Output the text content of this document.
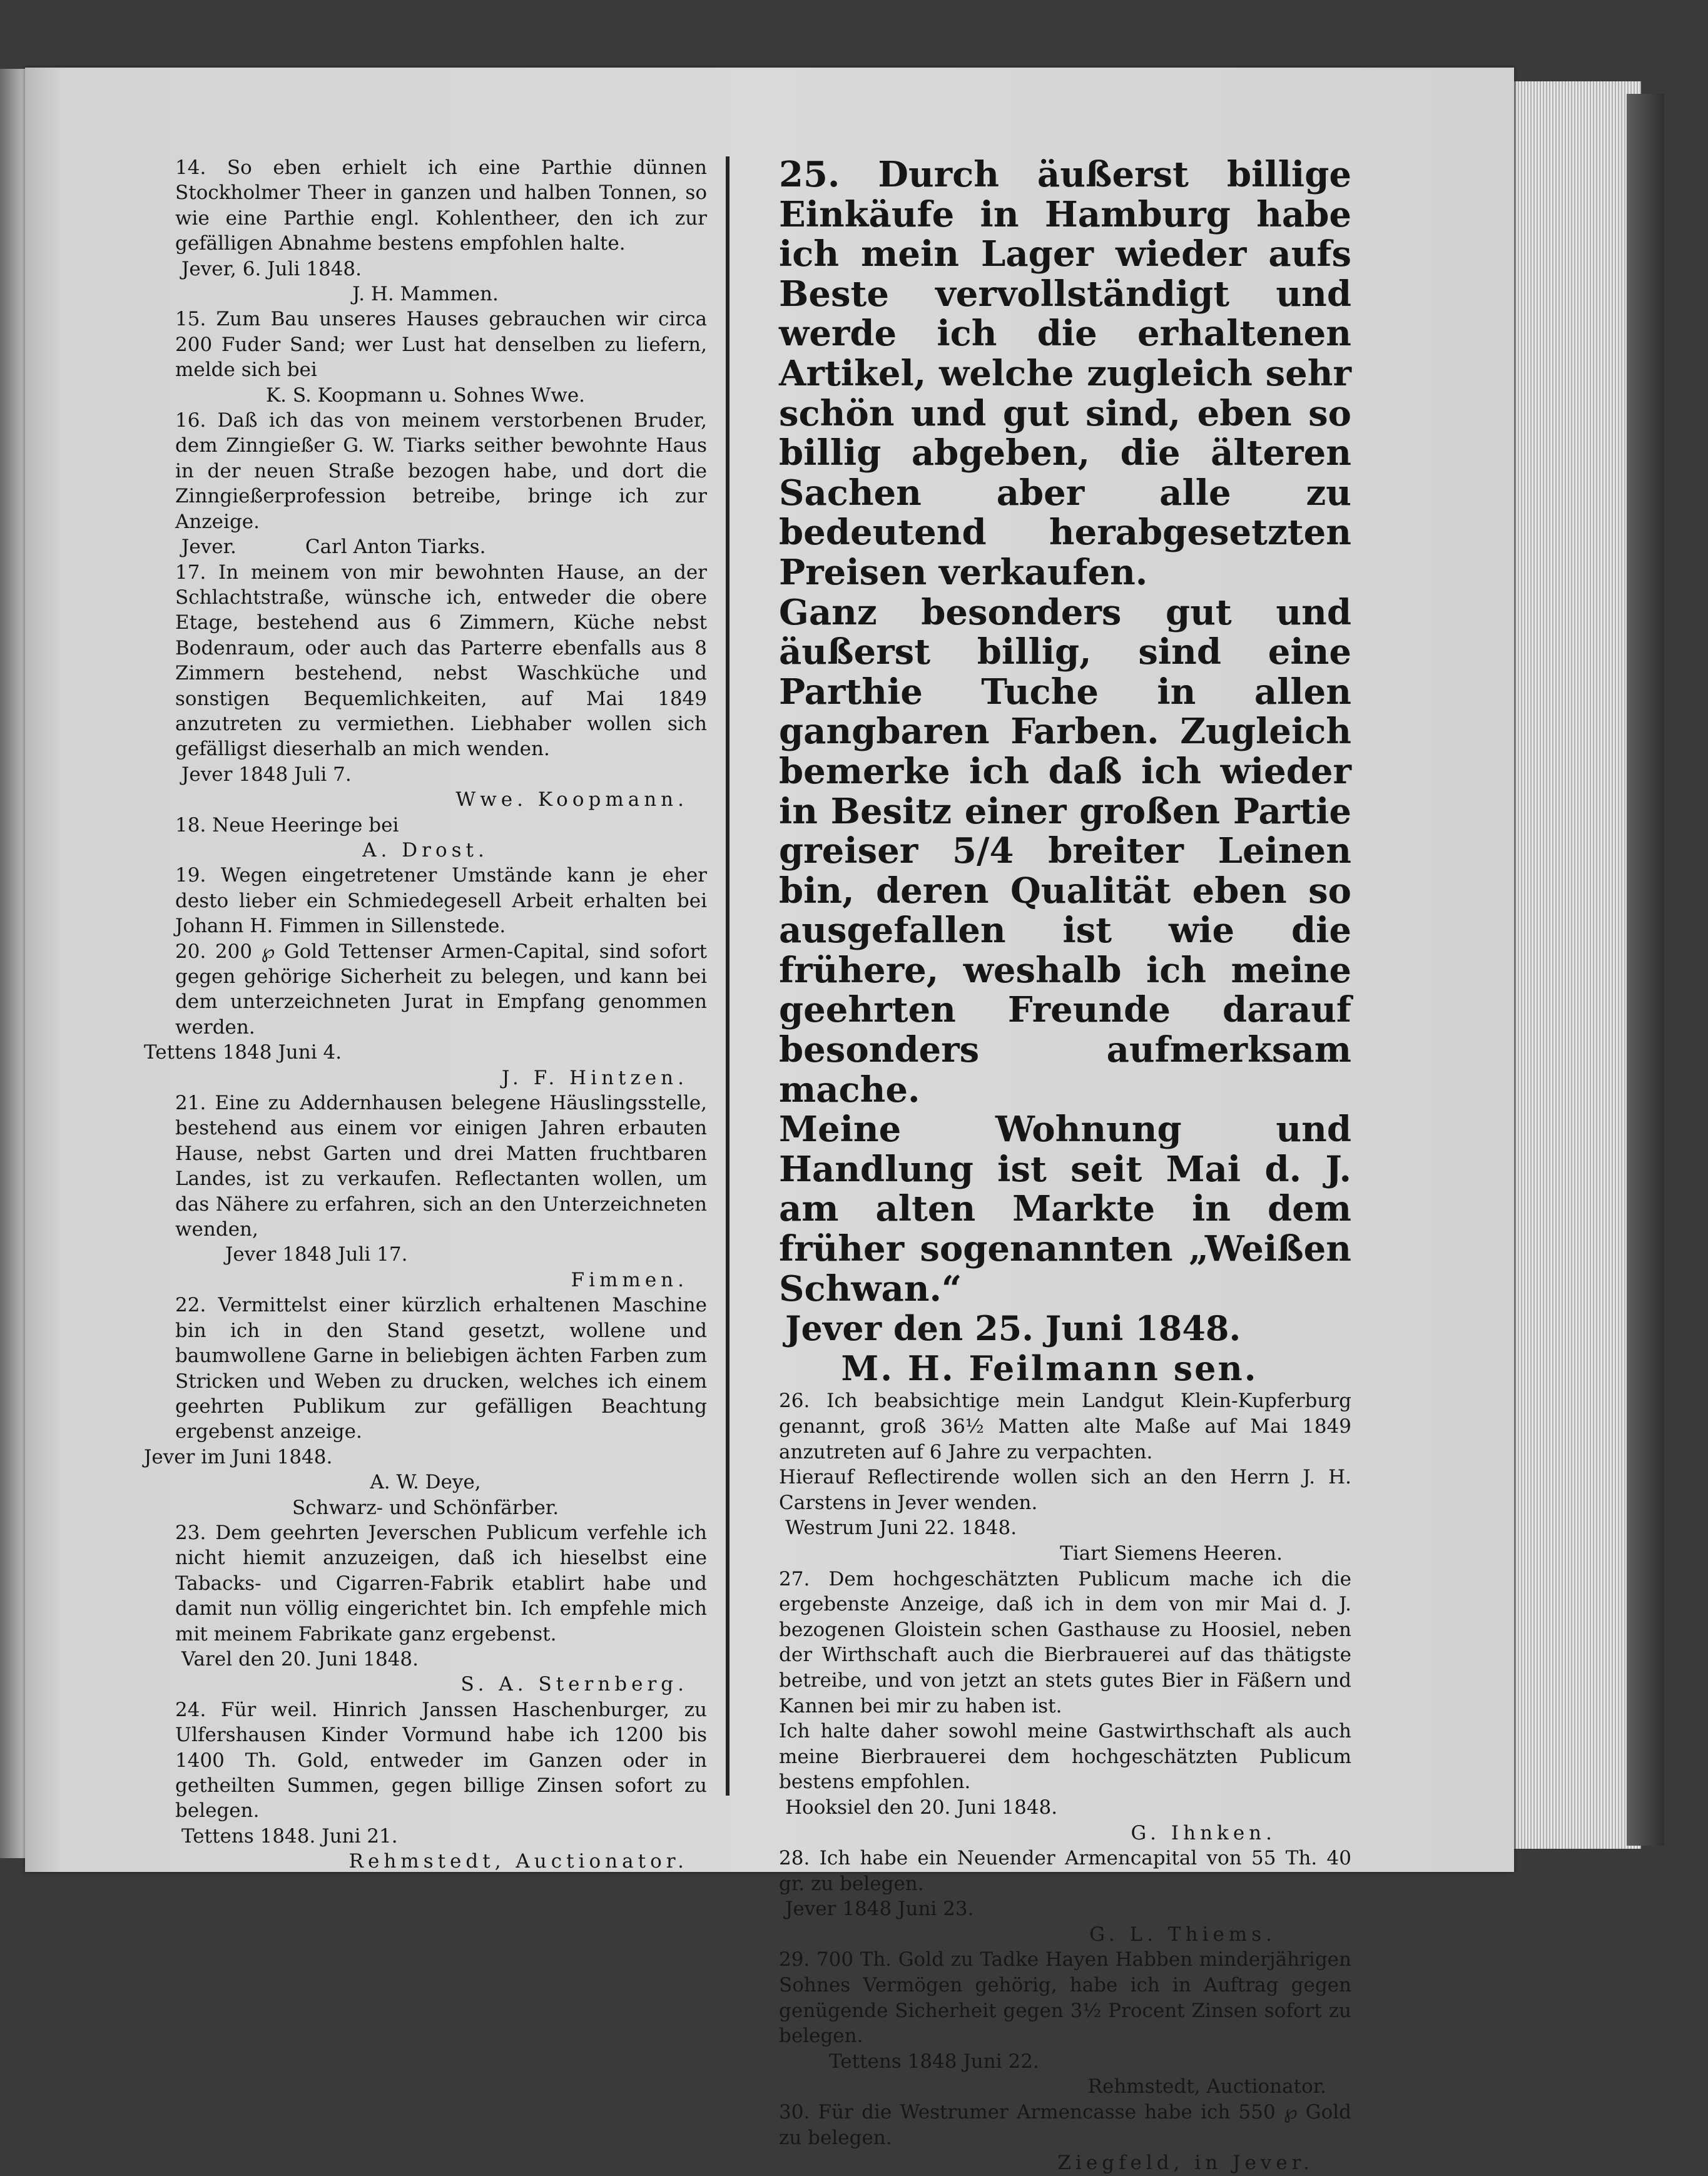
14. So eben erhielt ich eine Parthie dünnen Stockholmer Theer in ganzen und halben Tonnen, so wie eine Parthie engl. Kohlentheer, den ich zur gefälligen Abnahme bestens empfohlen halte.

Jever, 6. Juli 1848.

J. H. Mammen.

15. Zum Bau unseres Hauses gebrauchen wir circa 200 Fuder Sand; wer Lust hat denselben zu liefern, melde sich bei

K. S. Koopmann u. Sohnes Wwe.

16. Daß ich das von meinem verstorbenen Bruder, dem Zinngießer G. W. Tiarks seither bewohnte Haus in der neuen Straße bezogen habe, und dort die Zinngießerprofession betreibe, bringe ich zur Anzeige.

Jever.	Carl Anton Tiarks.

17. In meinem von mir bewohnten Hause, an der Schlachtstraße, wünsche ich, entweder die obere Etage, bestehend aus 6 Zimmern, Küche nebst Bodenraum, oder auch das Parterre ebenfalls aus 8 Zimmern bestehend, nebst Waschküche und sonstigen Bequemlichkeiten, auf Mai 1849 anzutreten zu vermiethen. Liebhaber wollen sich gefälligst dieserhalb an mich wenden.

Jever 1848 Juli 7.

Wwe. Koopmann.

18. Neue Heeringe bei

A. Drost.

19. Wegen eingetretener Umstände kann je eher desto lieber ein Schmiedegesell Arbeit erhalten bei Johann H. Fimmen in Sillenstede.

20. 200 ℘ Gold Tettenser Armen-Capital, sind sofort gegen gehörige Sicherheit zu belegen, und kann bei dem unterzeichneten Jurat in Empfang genommen werden.

Tettens 1848 Juni 4.

J. F. Hintzen.

21. Eine zu Addernhausen belegene Häuslingsstelle, bestehend aus einem vor einigen Jahren erbauten Hause, nebst Garten und drei Matten fruchtbaren Landes, ist zu verkaufen. Reflectanten wollen, um das Nähere zu erfahren, sich an den Unterzeichneten wenden,

Jever 1848 Juli 17.

Fimmen.

22. Vermittelst einer kürzlich erhaltenen Maschine bin ich in den Stand gesetzt, wollene und baumwollene Garne in beliebigen ächten Farben zum Stricken und Weben zu drucken, welches ich einem geehrten Publikum zur gefälligen Beachtung ergebenst anzeige.

Jever im Juni 1848.

A. W. Deye,

Schwarz- und Schönfärber.

23. Dem geehrten Jeverschen Publicum verfehle ich nicht hiemit anzuzeigen, daß ich hieselbst eine Tabacks- und Cigarren-Fabrik etablirt habe und damit nun völlig eingerichtet bin. Ich empfehle mich mit meinem Fabrikate ganz ergebenst.

Varel den 20. Juni 1848.

S. A. Sternberg.

24. Für weil. Hinrich Janssen Haschenburger, zu Ulfershausen Kinder Vormund habe ich 1200 bis 1400 Th. Gold, entweder im Ganzen oder in getheilten Summen, gegen billige Zinsen sofort zu belegen.

Tettens 1848. Juni 21.

Rehmstedt, Auctionator.

25. Durch äußerst billige Einkäufe in Hamburg habe ich mein Lager wieder aufs Beste vervollständigt und werde ich die erhaltenen Artikel, welche zugleich sehr schön und gut sind, eben so billig abgeben, die älteren Sachen aber alle zu bedeutend herabgesetzten Preisen verkaufen.

Ganz besonders gut und äußerst billig, sind eine Parthie Tuche in allen gangbaren Farben. Zugleich bemerke ich daß ich wieder in Besitz einer großen Partie greiser 5/4 breiter Leinen bin, deren Qualität eben so ausgefallen ist wie die frühere, weshalb ich meine geehrten Freunde darauf besonders aufmerksam mache.

Meine Wohnung und Handlung ist seit Mai d. J. am alten Markte in dem früher sogenannten „Weißen Schwan.“

Jever den 25. Juni 1848.

M. H. Feilmann sen.

26. Ich beabsichtige mein Landgut Klein-Kupferburg genannt, groß 36½ Matten alte Maße auf Mai 1849 anzutreten auf 6 Jahre zu verpachten.

Hierauf Reflectirende wollen sich an den Herrn J. H. Carstens in Jever wenden.

Westrum Juni 22. 1848.

Tiart Siemens Heeren.

27. Dem hochgeschätzten Publicum mache ich die ergebenste Anzeige, daß ich in dem von mir Mai d. J. bezogenen Gloistein schen Gasthause zu Hoosiel, neben der Wirthschaft auch die Bierbrauerei auf das thätigste betreibe, und von jetzt an stets gutes Bier in Fäßern und Kannen bei mir zu haben ist.

Ich halte daher sowohl meine Gastwirthschaft als auch meine Bierbrauerei dem hochgeschätzten Publicum bestens empfohlen.

Hooksiel den 20. Juni 1848.

G. Ihnken.

28. Ich habe ein Neuender Armencapital von 55 Th. 40 gr. zu belegen.

Jever 1848 Juni 23.

G. L. Thiems.

29. 700 Th. Gold zu Tadke Hayen Habben minderjährigen Sohnes Vermögen gehörig, habe ich in Auftrag gegen genügende Sicherheit gegen 3½ Procent Zinsen sofort zu belegen.

Tettens 1848 Juni 22.

Rehmstedt, Auctionator.

30. Für die Westrumer Armencasse habe ich 550 ℘ Gold zu belegen.

Ziegfeld, in Jever.
